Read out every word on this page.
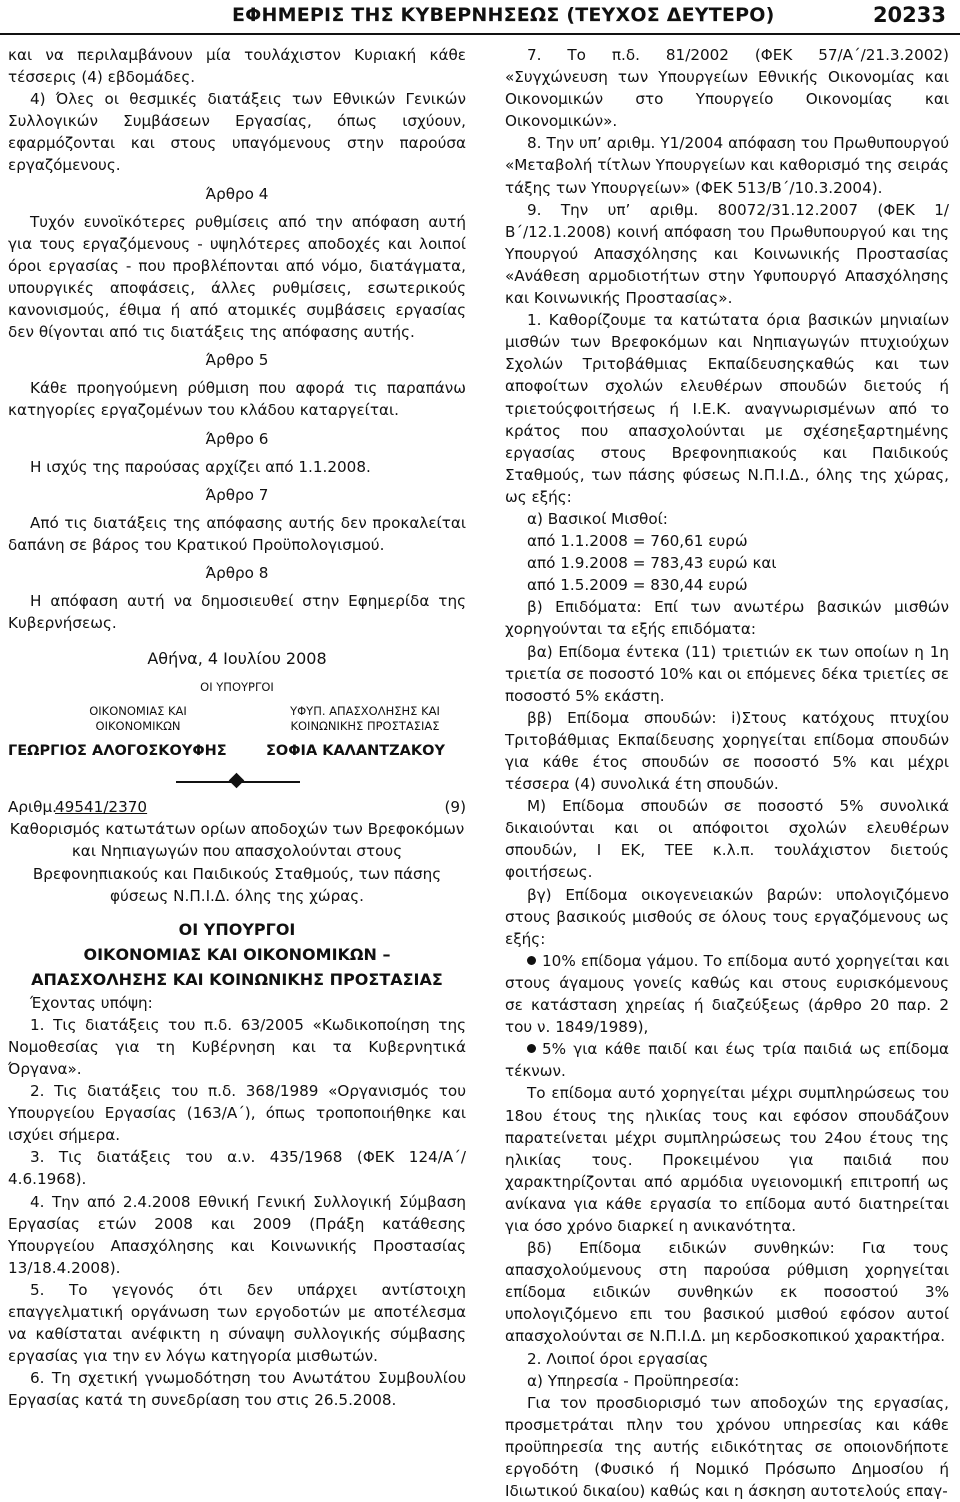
ΕΦΗΜΕΡΙΣ ΤΗΣ ΚΥΒΕΡΝΗΣΕΩΣ (ΤΕΥΧΟΣ ΔΕΥΤΕΡΟ)	20233

και να περιλαμβάνουν μία τουλάχιστον Κυριακή κάθε τέσσερις (4) εβδομάδες.

4) Όλες οι θεσμικές διατάξεις των Εθνικών Γενικών Συλλογικών Συμβάσεων Εργασίας, όπως ισχύουν, εφαρμόζονται και στους υπαγόμενους στην παρούσα εργαζόμενους.

Άρθρο 4

Τυχόν ευνοϊκότερες ρυθμίσεις από την απόφαση αυτή για τους εργαζόμενους - υψηλότερες αποδοχές και λοιποί όροι εργασίας - που προβλέπονται από νόμο, διατάγματα, υπουργικές αποφάσεις, άλλες ρυθμίσεις, εσωτερικούς κανονισμούς, έθιμα ή από ατομικές συμβάσεις εργασίας δεν θίγονται από τις διατάξεις της απόφασης αυτής.

Άρθρο 5

Κάθε προηγούμενη ρύθμιση που αφορά τις παραπάνω κατηγορίες εργαζομένων του κλάδου καταργείται.

Άρθρο 6

Η ισχύς της παρούσας αρχίζει από 1.1.2008.

Άρθρο 7

Από τις διατάξεις της απόφασης αυτής δεν προκαλείται δαπάνη σε βάρος του Κρατικού Προϋπολογισμού.

Άρθρο 8

Η απόφαση αυτή να δημοσιευθεί στην Εφημερίδα της Κυβερνήσεως.

Αθήνα, 4 Ιουλίου 2008

ΟΙ ΥΠΟΥΡΓΟΙ
ΟΙΚΟΝΟΜΙΑΣ ΚΑΙ ΟΙΚΟΝΟΜΙΚΩΝ
ΥΦΥΠ. ΑΠΑΣΧΟΛΗΣΗΣ ΚΑΙ ΚΟΙΝΩΝΙΚΗΣ ΠΡΟΣΤΑΣΙΑΣ
ΓΕΩΡΓΙΟΣ ΑΛΟΓΟΣΚΟΥΦΗΣ	ΣΟΦΙΑ ΚΑΛΑΝΤΖΑΚΟΥ
Αριθμ.
49541/2370	(9)

Καθορισμός κατωτάτων ορίων αποδοχών των Βρεφοκόμων και Νηπιαγωγών που απασχολούνται στους Βρεφονηπιακούς και Παιδικούς Σταθμούς, των πάσης φύσεως Ν.Π.Ι.Δ. όλης της χώρας.

ΟΙ ΥΠΟΥΡΓΟΙ

ΟΙΚΟΝΟΜΙΑΣ ΚΑΙ ΟΙΚΟΝΟΜΙΚΩΝ –

ΑΠΑΣΧΟΛΗΣΗΣ ΚΑΙ ΚΟΙΝΩΝΙΚΗΣ ΠΡΟΣΤΑΣΙΑΣ

Έχοντας υπόψη:

1. Τις διατάξεις του π.δ. 63/2005 «Κωδικοποίηση της Νομοθεσίας για τη Κυβέρνηση και τα Κυβερνητικά Όργανα».

2. Τις διατάξεις του π.δ. 368/1989 «Οργανισμός του Υπουργείου Εργασίας (163/Α΄), όπως τροποποιήθηκε και ισχύει σήμερα.

3. Τις διατάξεις του α.ν. 435/1968 (ΦΕΚ 124/Α΄/ 4.6.1968).

4. Την από 2.4.2008 Εθνική Γενική Συλλογική Σύμβαση Εργασίας ετών 2008 και 2009 (Πράξη κατάθεσης Υπουργείου Απασχόλησης και Κοινωνικής Προστασίας 13/18.4.2008).

5. Το γεγονός ότι δεν υπάρχει αντίστοιχη επαγγελματική οργάνωση των εργοδοτών με αποτέλεσμα να καθίσταται ανέφικτη η σύναψη συλλογικής σύμβασης εργασίας για την εν λόγω κατηγορία μισθωτών.

6. Τη σχετική γνωμοδότηση του Ανωτάτου Συμβουλίου Εργασίας κατά τη συνεδρίαση του στις 26.5.2008.

7. Το π.δ. 81/2002 (ΦΕΚ 57/Α΄/21.3.2002) «Συγχώνευση των Υπουργείων Εθνικής Οικονομίας και Οικονομικών στο Υπουργείο Οικονομίας και Οικονομικών».

8. Την υπ’ αριθμ. Υ1/2004 απόφαση του Πρωθυπουργού «Μεταβολή τίτλων Υπουργείων και καθορισμό της σειράς τάξης των Υπουργείων» (ΦΕΚ 513/Β΄/10.3.2004).

9. Την υπ’ αριθμ. 80072/31.12.2007 (ΦΕΚ 1/Β΄/12.1.2008) κοινή απόφαση του Πρωθυπουργού και της Υπουργού Απασχόλησης και Κοινωνικής Προστασίας «Ανάθεση αρμοδιοτήτων στην Υφυπουργό Απασχόλησης και Κοινωνικής Προστασίας».

1. Καθορίζουμε τα κατώτατα όρια βασικών μηνιαίων μισθών των Βρεφοκόμων και Νηπιαγωγών πτυχιούχων Σχολών Τριτοβάθμιας Εκπαίδευσηςκαθώς και των αποφοίτων σχολών ελευθέρων σπουδών διετούς ή τριετούςφοιτήσεως ή Ι.Ε.Κ. αναγνωρισμένων από το κράτος που απασχολούνται με σχέσηεξαρτημένης εργασίας στους Βρεφονηπιακούς και Παιδικούς Σταθμούς, των πάσης φύσεως Ν.Π.Ι.Δ., όλης της χώρας, ως εξής:

α) Βασικοί Μισθοί:

από 1.1.2008 = 760,61 ευρώ

από 1.9.2008 = 783,43 ευρώ και

από 1.5.2009 = 830,44 ευρώ

β) Επιδόματα: Επί των ανωτέρω βασικών μισθών χορηγούνται τα εξής επιδόματα:

βα) Επίδομα έντεκα (11) τριετιών εκ των οποίων η 1η τριετία σε ποσοστό 10% και οι επόμενες δέκα τριετίες σε ποσοστό 5% εκάστη.

ββ) Επίδομα σπουδών: i)Στους κατόχους πτυχίου Τριτοβάθμιας Εκπαίδευσης χορηγείται επίδομα σπουδών για κάθε έτος σπουδών σε ποσοστό 5% και μέχρι τέσσερα (4) συνολικά έτη σπουδών.

Μ) Επίδομα σπουδών σε ποσοστό 5% συνολικά δικαιούνται και οι απόφοιτοι σχολών ελευθέρων σπουδών, Ι ΕΚ, ΤΕΕ κ.λ.π. τουλάχιστον διετούς φοιτήσεως.

βγ) Επίδομα οικογενειακών βαρών: υπολογιζόμενο στους βασικούς μισθούς σε όλους τους εργαζόμενους ως εξής:

10% επίδομα γάμου. Το επίδομα αυτό χορηγείται και στους άγαμους γονείς καθώς και στους ευρισκόμενους σε κατάσταση χηρείας ή διαζεύξεως (άρθρο 20 παρ. 2 του ν. 1849/1989),

5% για κάθε παιδί και έως τρία παιδιά ως επίδομα τέκνων.

Το επίδομα αυτό χορηγείται μέχρι συμπληρώσεως του 18ου έτους της ηλικίας τους και εφόσον σπουδάζουν παρατείνεται μέχρι συμπληρώσεως του 24ου έτους της ηλικίας τους. Προκειμένου για παιδιά που χαρακτηρίζονται από αρμόδια υγειονομική επιτροπή ως ανίκανα για κάθε εργασία το επίδομα αυτό διατηρείται για όσο χρόνο διαρκεί η ανικανότητα.

βδ) Επίδομα ειδικών συνθηκών: Για τους απασχολούμενους στη παρούσα ρύθμιση χορηγείται επίδομα ειδικών συνθηκών εκ ποσοστού 3% υπολογιζόμενο επι του βασικού μισθού εφόσον αυτοί απασχολούνται σε Ν.Π.Ι.Δ. μη κερδοσκοπικού χαρακτήρα.

2. Λοιποί όροι εργασίας

α) Υπηρεσία - Προϋπηρεσία:

Για τον προσδιορισμό των αποδοχών της εργασίας, προσμετράται πλην του χρόνου υπηρεσίας και κάθε προϋπηρεσία της αυτής ειδικότητας σε οποιονδήποτε εργοδότη (Φυσικό ή Νομικό Πρόσωπο Δημοσίου ή Ιδιωτικού δικαίου) καθώς και η άσκηση αυτοτελούς επαγ-
